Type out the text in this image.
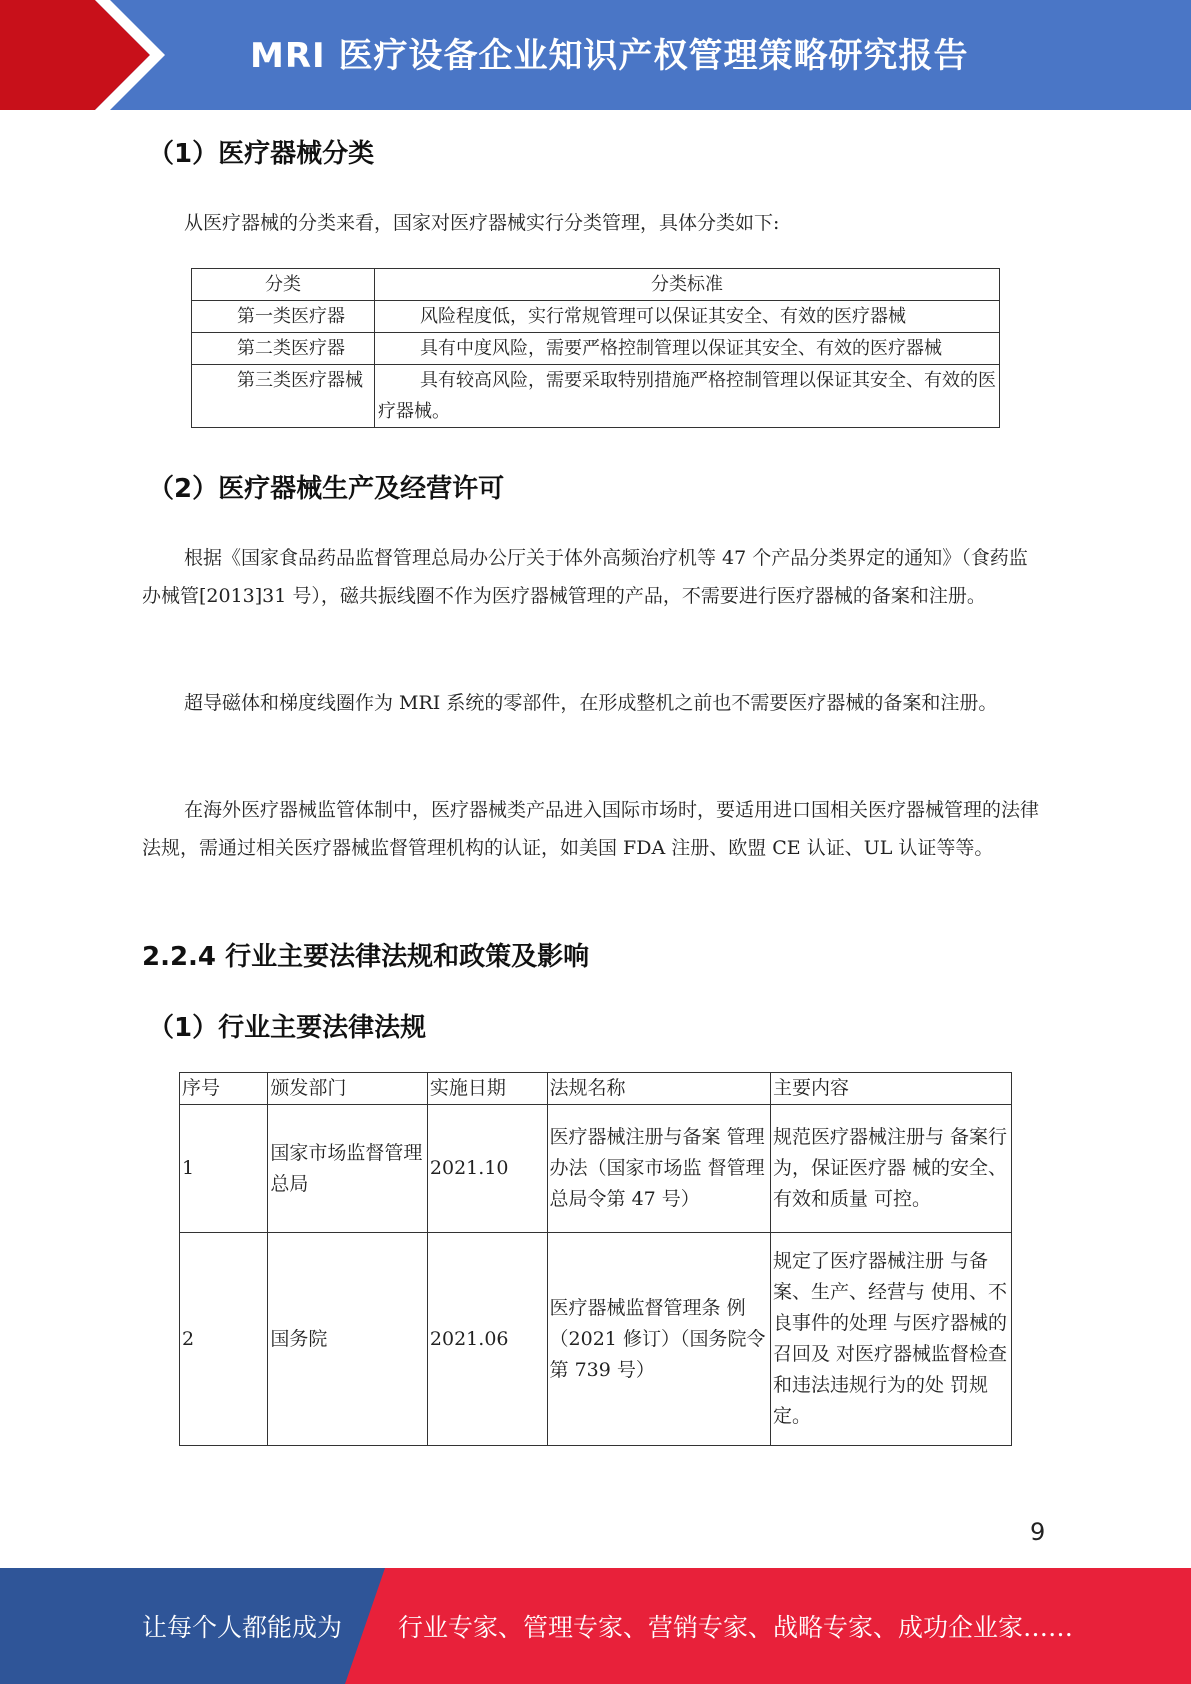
MRI 医疗设备企业知识产权管理策略研究报告
（1）医疗器械分类

从医疗器械的分类来看，国家对医疗器械实行分类管理，具体分类如下:

分类	分类标准
第一类医疗器	风险程度低，实行常规管理可以保证其安全、有效的医疗器械
第二类医疗器	具有中度风险，需要严格控制管理以保证其安全、有效的医疗器械
第三类医疗器械	具有较高风险，需要采取特别措施严格控制管理以保证其安全、有效的医疗器械。
（2）医疗器械生产及经营许可

根据《国家食品药品监督管理总局办公厅关于体外高频治疗机等 47 个产品分类界定的通知》（食药监办械管[2013]31 号），磁共振线圈不作为医疗器械管理的产品，不需要进行医疗器械的备案和注册。

超导磁体和梯度线圈作为 MRI 系统的零部件，在形成整机之前也不需要医疗器械的备案和注册。

在海外医疗器械监管体制中，医疗器械类产品进入国际市场时，要适用进口国相关医疗器械管理的法律法规，需通过相关医疗器械监督管理机构的认证，如美国 FDA 注册、欧盟 CE 认证、UL 认证等等。

2.2.4 行业主要法律法规和政策及影响
（1）行业主要法律法规
序号	颁发部门	实施日期	法规名称	主要内容
1	国家市场监督管理总局	2021.10	医疗器械注册与备案 管理办法（国家市场监 督管理总局令第 47 号）	规范医疗器械注册与 备案行为，保证医疗器 械的安全、有效和质量 可控。
2	国务院	2021.06	医疗器械监督管理条 例（2021 修订）（国务院令第 739 号）	规定了医疗器械注册 与备案、生产、经营与 使用、不良事件的处理 与医疗器械的召回及 对医疗器械监督检查 和违法违规行为的处 罚规定。
9
让每个人都能成为 行业专家、管理专家、营销专家、战略专家、成功企业家……
